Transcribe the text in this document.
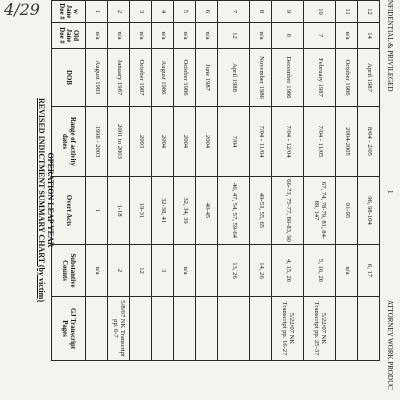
NFIDENTIAL & PRIVILEGED
1
ATTORNEY WORK PRODUC
12	14	April 1987	8/04 - 2/05	96, 98-104	6, 17	
11	n/a	October 1986	2004-2005	91-95	n/a	
10	7	February 1987	7/04 - 11/05	67, 74, 78-79, 81, 84-89, 147	5, 16, 26	5/22/07 NK Transcript pp. 25-37
9	6	December 1986	7/04 - 12/04	66-73, 75-77, 80-83, 90	4, 15, 26	5/22/07 NK Transcript pp. 16-27
8	n/a	November 1986	7/04 - 11/04	49-53, 55, 65	14, 26	
7	12	April 1988	7/04	46, 47, 54, 57, 59-64	13, 26	
6	n/a	June 1987	2004	40-45		
5	n/a	October 1986	2004	32, 34, 39	n/a	
4	n/a	August 1986	2004	32-38, 41	3	
3	n/a	October 1987	2003	19-31	12	
2	n/a	January 1987	2001 to 2003	1-18	2	5/8/07 NK Transcript pp. 6-7
1	n/a	August 1983	1998 - 2003	1	n/a	
w Jane Doe #	Old Jane Doe #	DOB	Range of activity dates	Overt Acts	Substantive Counts	GJ Transcript Pages
OPERATION LEAP YEAR
REVISED INDICTMENT SUMMARY CHART (by victim)
4/29
